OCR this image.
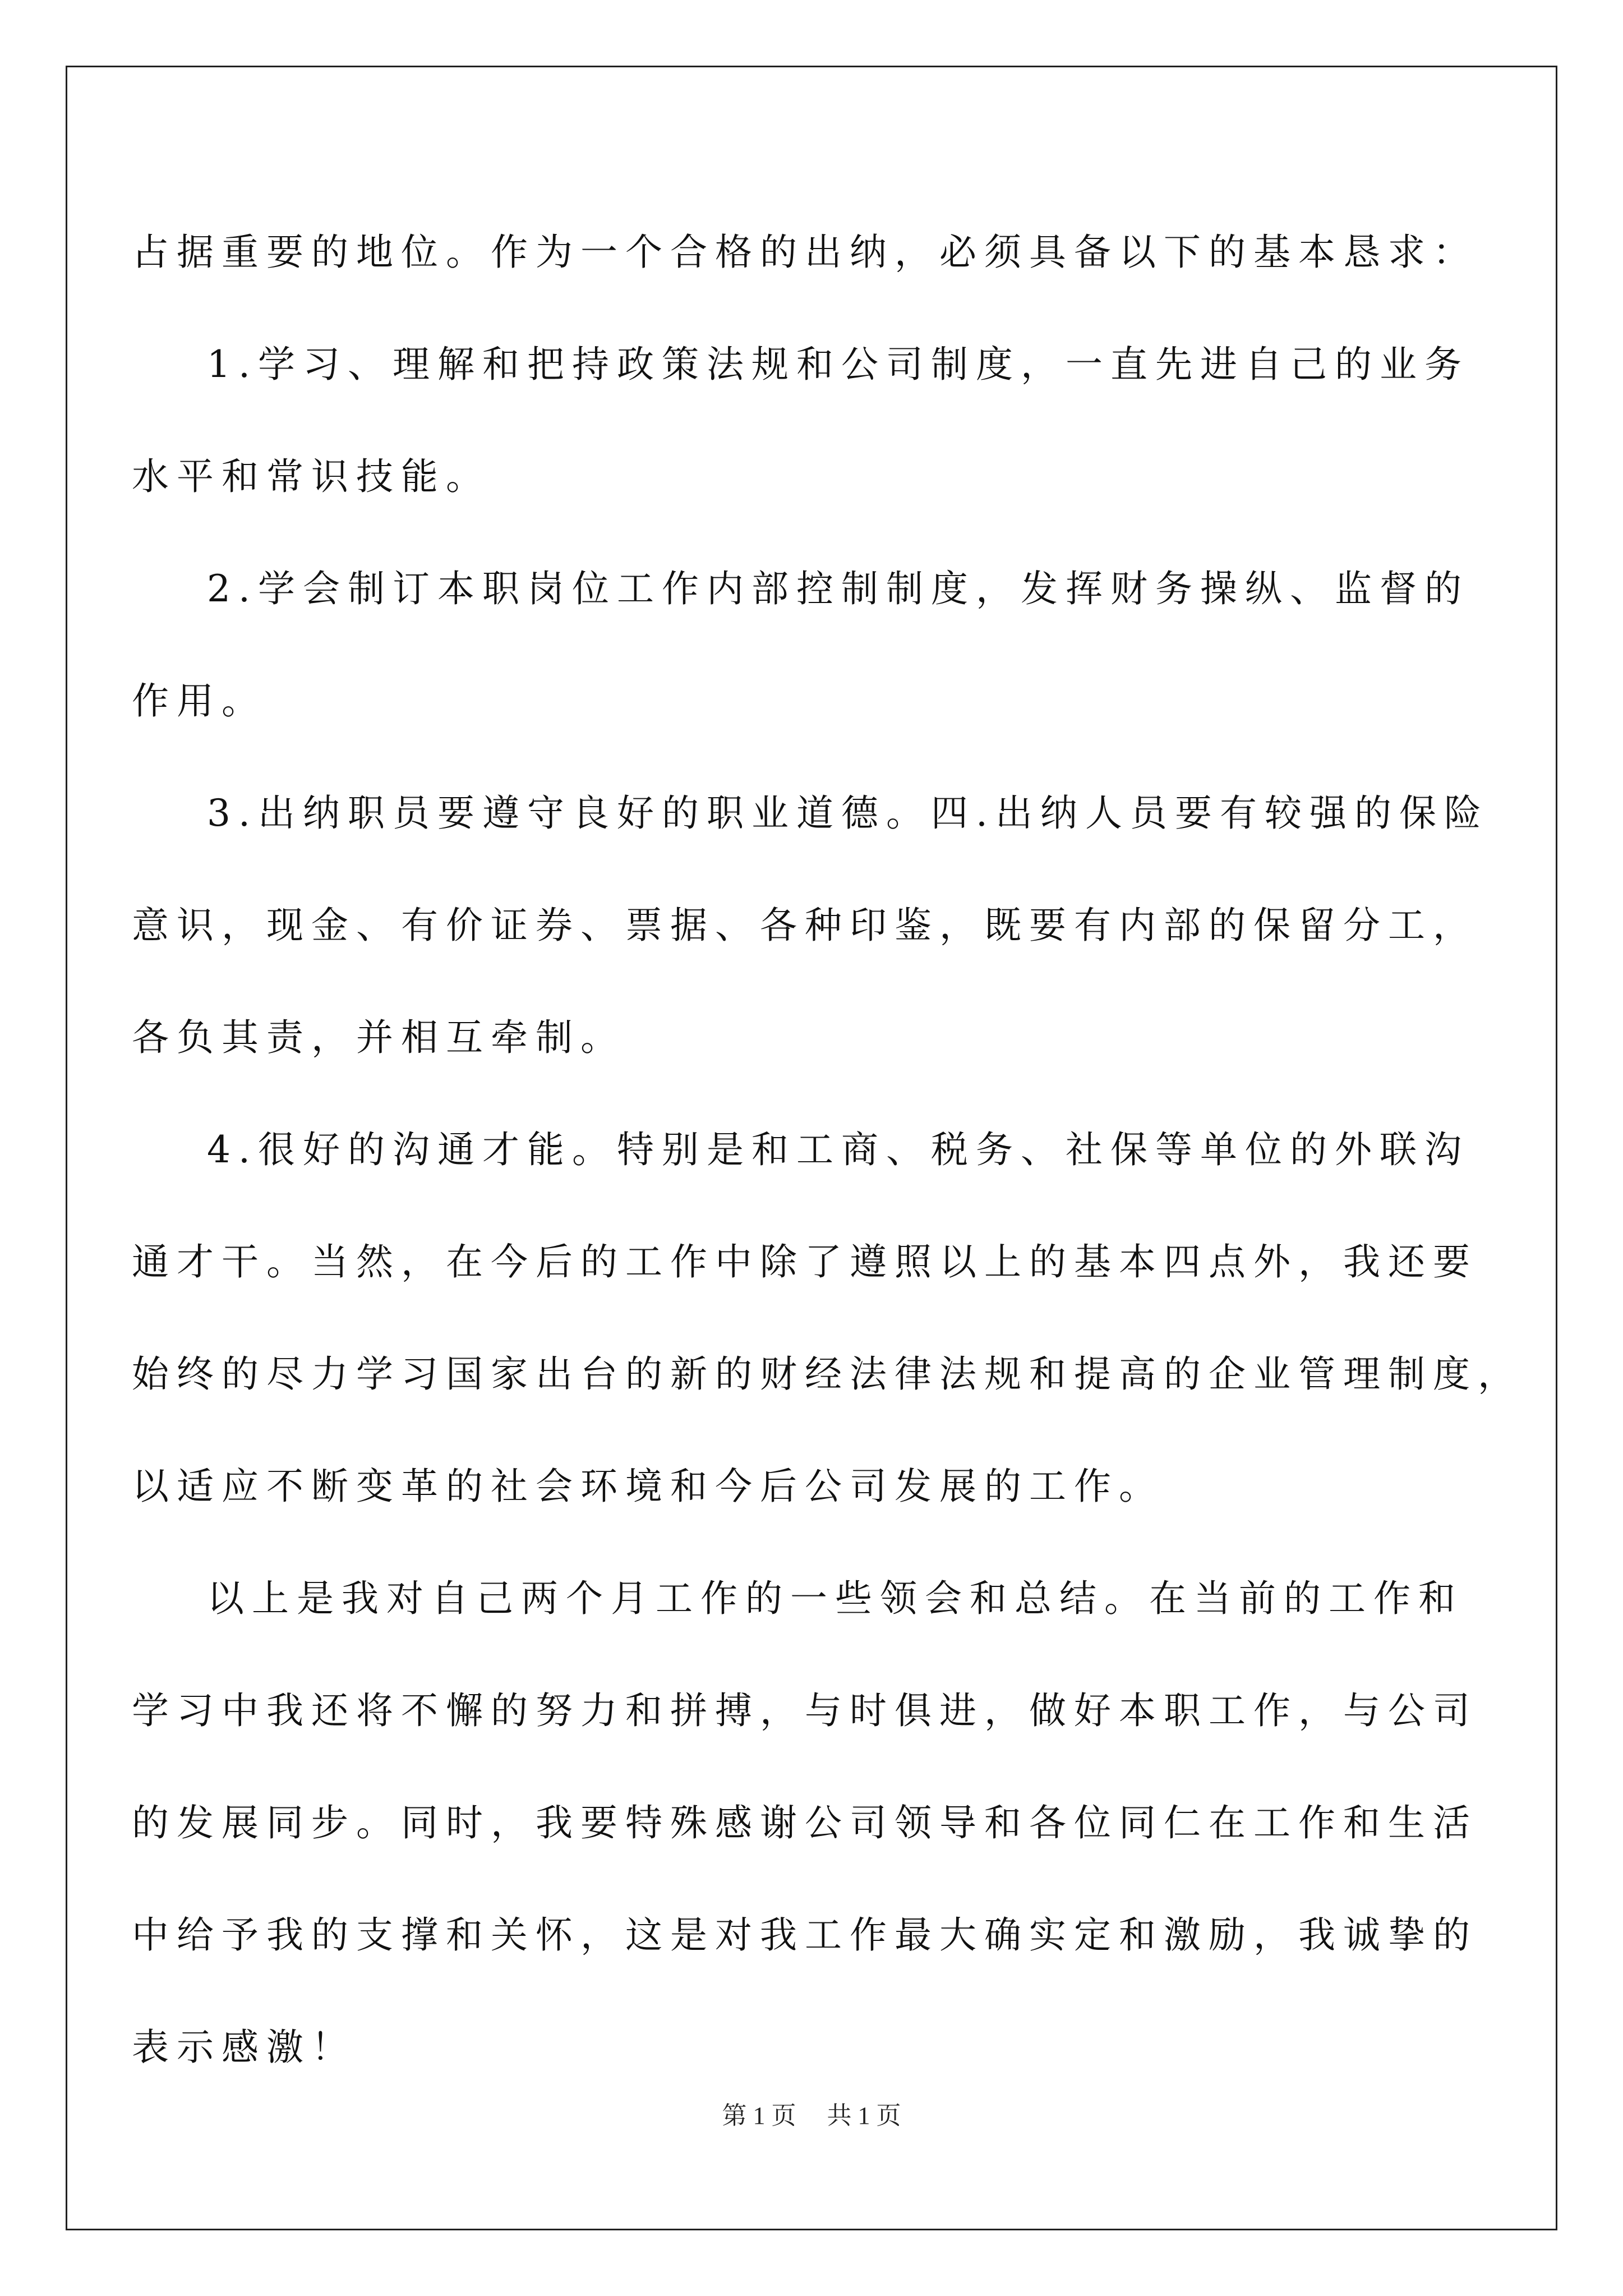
占据重要的地位。作为一个合格的出纳，必须具备以下的基本恳求：
1.学习、理解和把持政策法规和公司制度，一直先进自己的业务
水平和常识技能。
2.学会制订本职岗位工作内部控制制度，发挥财务操纵、监督的
作用。
3.出纳职员要遵守良好的职业道德。四.出纳人员要有较强的保险
意识，现金、有价证券、票据、各种印鉴，既要有内部的保留分工，
各负其责，并相互牵制。
4.很好的沟通才能。特别是和工商、税务、社保等单位的外联沟
通才干。当然，在今后的工作中除了遵照以上的基本四点外，我还要
始终的尽力学习国家出台的新的财经法律法规和提高的企业管理制度，
以适应不断变革的社会环境和今后公司发展的工作。
以上是我对自己两个月工作的一些领会和总结。在当前的工作和
学习中我还将不懈的努力和拼搏，与时俱进，做好本职工作，与公司
的发展同步。同时，我要特殊感谢公司领导和各位同仁在工作和生活
中给予我的支撑和关怀，这是对我工作最大确实定和激励，我诚挚的
表示感激！
第 1 页 共 1 页
